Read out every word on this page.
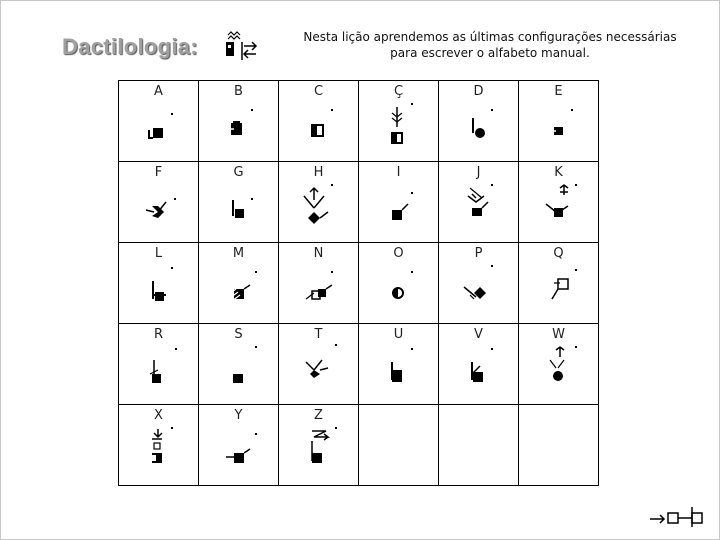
Dactilologia:	Nesta lição aprendemos as últimas configurações necessárias
para escrever o alfabeto manual.
A	B	C	Ç	D	E

F	G	H	I	J	K

L	M	N	O	P	Q

R	S	T	U	V	W

X	Y	Z			
